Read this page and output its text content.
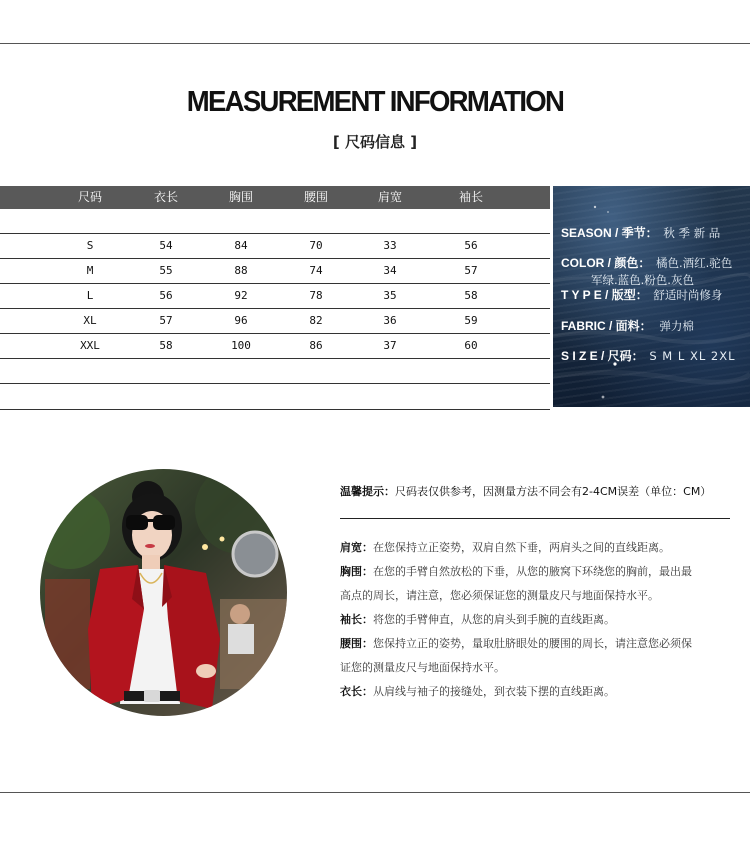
MEASUREMENT INFORMATION
[ 尺码信息 ]
尺码	衣长	胸围	腰围	肩宽	袖长
S	54	84	70	33	56
M	55	88	74	34	57
L	56	92	78	35	58
XL	57	96	82	36	59
XXL	58	100	86	37	60
SEASON / 季节： 秋 季 新 品
COLOR / 颜色： 橘色.酒红.驼色
军绿.蓝色.粉色.灰色
T Y P E / 版型： 舒适时尚修身
FABRIC / 面料： 弹力棉
S I Z E / 尺码： S M L XL 2XL
温馨提示：尺码表仅供参考，因测量方法不同会有2-4CM误差（单位：CM）
肩宽：在您保持立正姿势，双肩自然下垂，两肩头之间的直线距离。
胸围：在您的手臂自然放松的下垂，从您的腋窝下环绕您的胸前，最出最
高点的周长，请注意，您必须保证您的测量皮尺与地面保持水平。
袖长：将您的手臂伸直，从您的肩头到手腕的直线距离。
腰围：您保持立正的姿势，量取肚脐眼处的腰围的周长，请注意您必须保
证您的测量皮尺与地面保持水平。
衣长：从肩线与袖子的接缝处，到衣装下摆的直线距离。
